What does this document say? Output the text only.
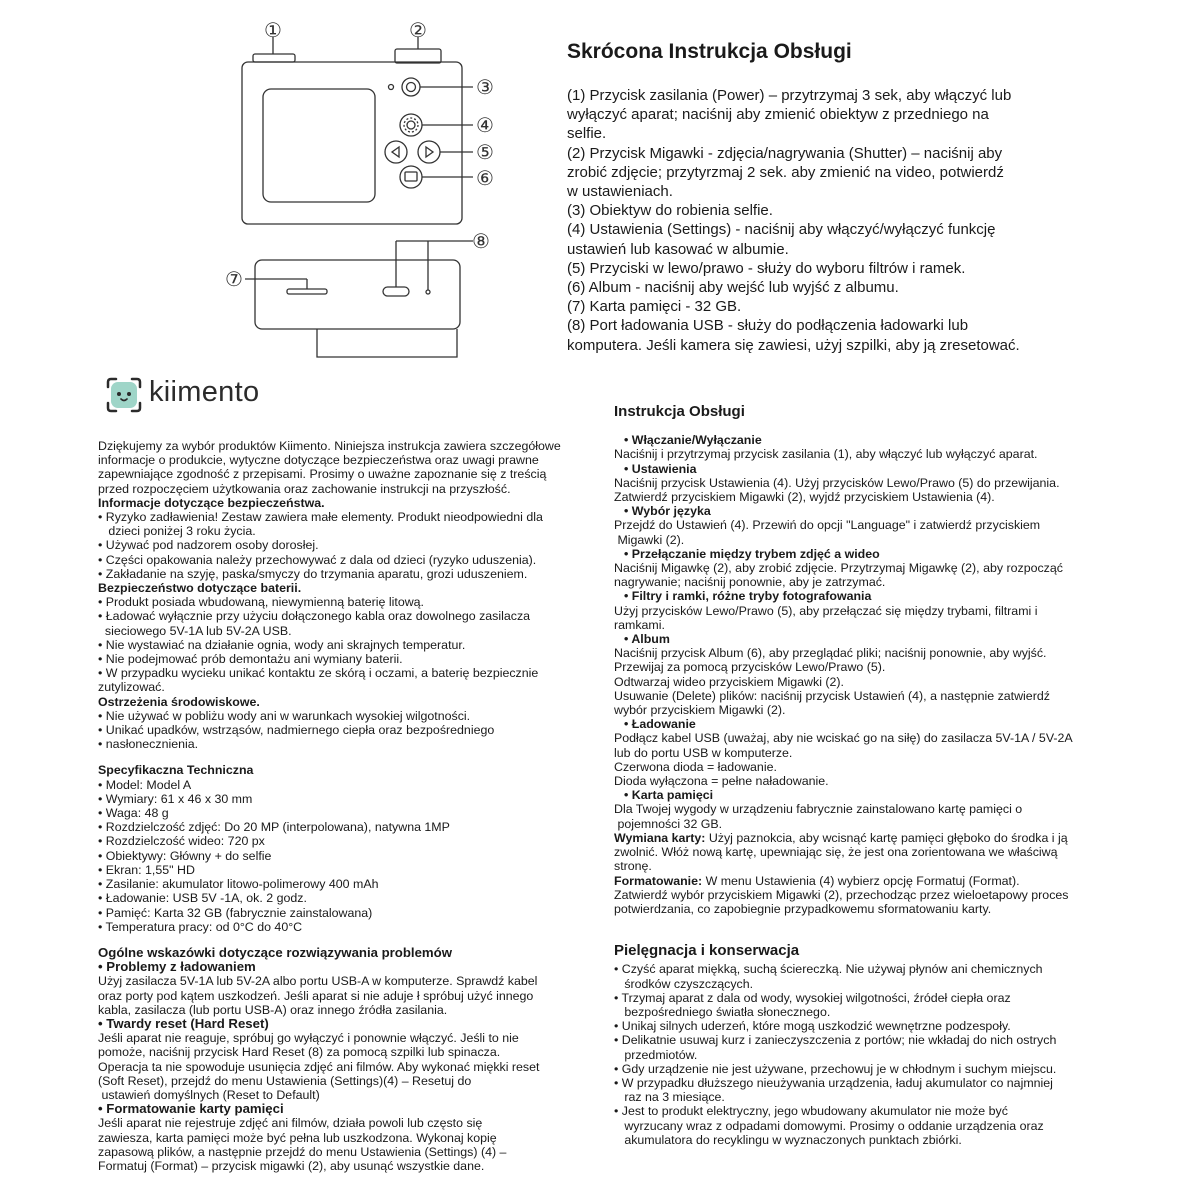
①	②
③
④
⑤
⑥
⑦
⑧
Skrócona Instrukcja Obsługi
(1) Przycisk zasilania (Power) – przytrzymaj 3 sek, aby włączyć lub
wyłączyć aparat; naciśnij aby zmienić obiektyw z przedniego na
selfie.
(2) Przycisk Migawki - zdjęcia/nagrywania (Shutter) – naciśnij aby
zrobić zdjęcie; przytyrzmaj 2 sek. aby zmienić na video, potwierdź
w ustawieniach.
(3) Obiektyw do robienia selfie.
(4) Ustawienia (Settings) - naciśnij aby włączyć/wyłączyć funkcję
ustawień lub kasować w albumie.
(5) Przyciski w lewo/prawo - służy do wyboru filtrów i ramek.
(6) Album - naciśnij aby wejść lub wyjść z albumu.
(7) Karta pamięci - 32 GB.
(8) Port ładowania USB - służy do podłączenia ładowarki lub
komputera. Jeśli kamera się zawiesi, użyj szpilki, aby ją zresetować.
kiimento

Dziękujemy za wybór produktów Kiimento. Niniejsza instrukcja zawiera szczegółowe

informacje o produkcie, wytyczne dotyczące bezpieczeństwa oraz uwagi prawne

zapewniające zgodność z przepisami. Prosimy o uważne zapoznanie się z treścią

przed rozpoczęciem użytkowania oraz zachowanie instrukcji na przyszłość.

Informacje dotyczące bezpieczeństwa.

• Ryzyko zadławienia! Zestaw zawiera małe elementy. Produkt nieodpowiedni dla

dzieci poniżej 3 roku życia.

• Używać pod nadzorem osoby dorosłej.

• Części opakowania należy przechowywać z dala od dzieci (ryzyko uduszenia).

• Zakładanie na szyję, paska/smyczy do trzymania aparatu, grozi uduszeniem.

Bezpieczeństwo dotyczące baterii.

• Produkt posiada wbudowaną, niewymienną baterię litową.

• Ładować wyłącznie przy użyciu dołączonego kabla oraz dowolnego zasilacza

sieciowego 5V-1A lub 5V-2A USB.

• Nie wystawiać na działanie ognia, wody ani skrajnych temperatur.

• Nie podejmować prób demontażu ani wymiany baterii.

• W przypadku wycieku unikać kontaktu ze skórą i oczami, a baterię bezpiecznie

zutylizować.

Ostrzeżenia środowiskowe.

• Nie używać w pobliżu wody ani w warunkach wysokiej wilgotności.

• Unikać upadków, wstrząsów, nadmiernego ciepła oraz bezpośredniego

• nasłonecznienia.

Specyfikaczna Techniczna

• Model: Model A

• Wymiary: 61 x 46 x 30 mm

• Waga: 48 g

• Rozdzielczość zdjęć: Do 20 MP (interpolowana), natywna 1MP

• Rozdzielczość wideo: 720 px

• Obiektywy: Główny + do selfie

• Ekran: 1,55" HD

• Zasilanie: akumulator litowo-polimerowy 400 mAh

• Ładowanie: USB 5V -1A, ok. 2 godz.

• Pamięć: Karta 32 GB (fabrycznie zainstalowana)

• Temperatura pracy: od 0°C do 40°C

Ogólne wskazówki dotyczące rozwiązywania problemów

• Problemy z ładowaniem

Użyj zasilacza 5V-1A lub 5V-2A albo portu USB-A w komputerze. Sprawdź kabel

oraz porty pod kątem uszkodzeń. Jeśli aparat si nie aduje ł spróbuj użyć innego

kabla, zasilacza (lub portu USB-A) oraz innego źródła zasilania.

• Twardy reset (Hard Reset)

Jeśli aparat nie reaguje, spróbuj go wyłączyć i ponownie włączyć. Jeśli to nie

pomoże, naciśnij przycisk Hard Reset (8) za pomocą szpilki lub spinacza.

Operacja ta nie spowoduje usunięcia zdjęć ani filmów. Aby wykonać miękki reset

(Soft Reset), przejdź do menu Ustawienia (Settings)(4) – Resetuj do

ustawień domyślnych (Reset to Default)

• Formatowanie karty pamięci

Jeśli aparat nie rejestruje zdjęć ani filmów, działa powoli lub często się

zawiesza, karta pamięci może być pełna lub uszkodzona. Wykonaj kopię

zapasową plików, a następnie przejdź do menu Ustawienia (Settings) (4) –

Formatuj (Format) – przycisk migawki (2), aby usunąć wszystkie dane.

Instrukcja Obsługi

• Włączanie/Wyłączanie

Naciśnij i przytrzymaj przycisk zasilania (1), aby włączyć lub wyłączyć aparat.

• Ustawienia

Naciśnij przycisk Ustawienia (4). Użyj przycisków Lewo/Prawo (5) do przewijania.

Zatwierdź przyciskiem Migawki (2), wyjdź przyciskiem Ustawienia (4).

• Wybór języka

Przejdź do Ustawień (4). Przewiń do opcji "Language" i zatwierdź przyciskiem

Migawki (2).

• Przełączanie między trybem zdjęć a wideo

Naciśnij Migawkę (2), aby zrobić zdjęcie. Przytrzymaj Migawkę (2), aby rozpocząć

nagrywanie; naciśnij ponownie, aby je zatrzymać.

• Filtry i ramki, różne tryby fotografowania

Użyj przycisków Lewo/Prawo (5), aby przełączać się między trybami, filtrami i

ramkami.

• Album

Naciśnij przycisk Album (6), aby przeglądać pliki; naciśnij ponownie, aby wyjść.

Przewijaj za pomocą przycisków Lewo/Prawo (5).

Odtwarzaj wideo przyciskiem Migawki (2).

Usuwanie (Delete) plików: naciśnij przycisk Ustawień (4), a następnie zatwierdź

wybór przyciskiem Migawki (2).

• Ładowanie

Podłącz kabel USB (uważaj, aby nie wciskać go na siłę) do zasilacza 5V-1A / 5V-2A

lub do portu USB w komputerze.

Czerwona dioda = ładowanie.

Dioda wyłączona = pełne naładowanie.

• Karta pamięci

Dla Twojej wygody w urządzeniu fabrycznie zainstalowano kartę pamięci o

pojemności 32 GB.

Wymiana karty: Użyj paznokcia, aby wcisnąć kartę pamięci głęboko do środka i ją

zwolnić. Włóż nową kartę, upewniając się, że jest ona zorientowana we właściwą

stronę.

Formatowanie: W menu Ustawienia (4) wybierz opcję Formatuj (Format).

Zatwierdź wybór przyciskiem Migawki (2), przechodząc przez wieloetapowy proces

potwierdzania, co zapobiegnie przypadkowemu sformatowaniu karty.

Pielęgnacja i konserwacja

• Czyść aparat miękką, suchą ściereczką. Nie używaj płynów ani chemicznych

środków czyszczących.

• Trzymaj aparat z dala od wody, wysokiej wilgotności, źródeł ciepła oraz

bezpośredniego światła słonecznego.

• Unikaj silnych uderzeń, które mogą uszkodzić wewnętrzne podzespoły.

• Delikatnie usuwaj kurz i zanieczyszczenia z portów; nie wkładaj do nich ostrych

przedmiotów.

• Gdy urządzenie nie jest używane, przechowuj je w chłodnym i suchym miejscu.

• W przypadku dłuższego nieużywania urządzenia, ładuj akumulator co najmniej

raz na 3 miesiące.

• Jest to produkt elektryczny, jego wbudowany akumulator nie może być

wyrzucany wraz z odpadami domowymi. Prosimy o oddanie urządzenia oraz

akumulatora do recyklingu w wyznaczonych punktach zbiórki.
